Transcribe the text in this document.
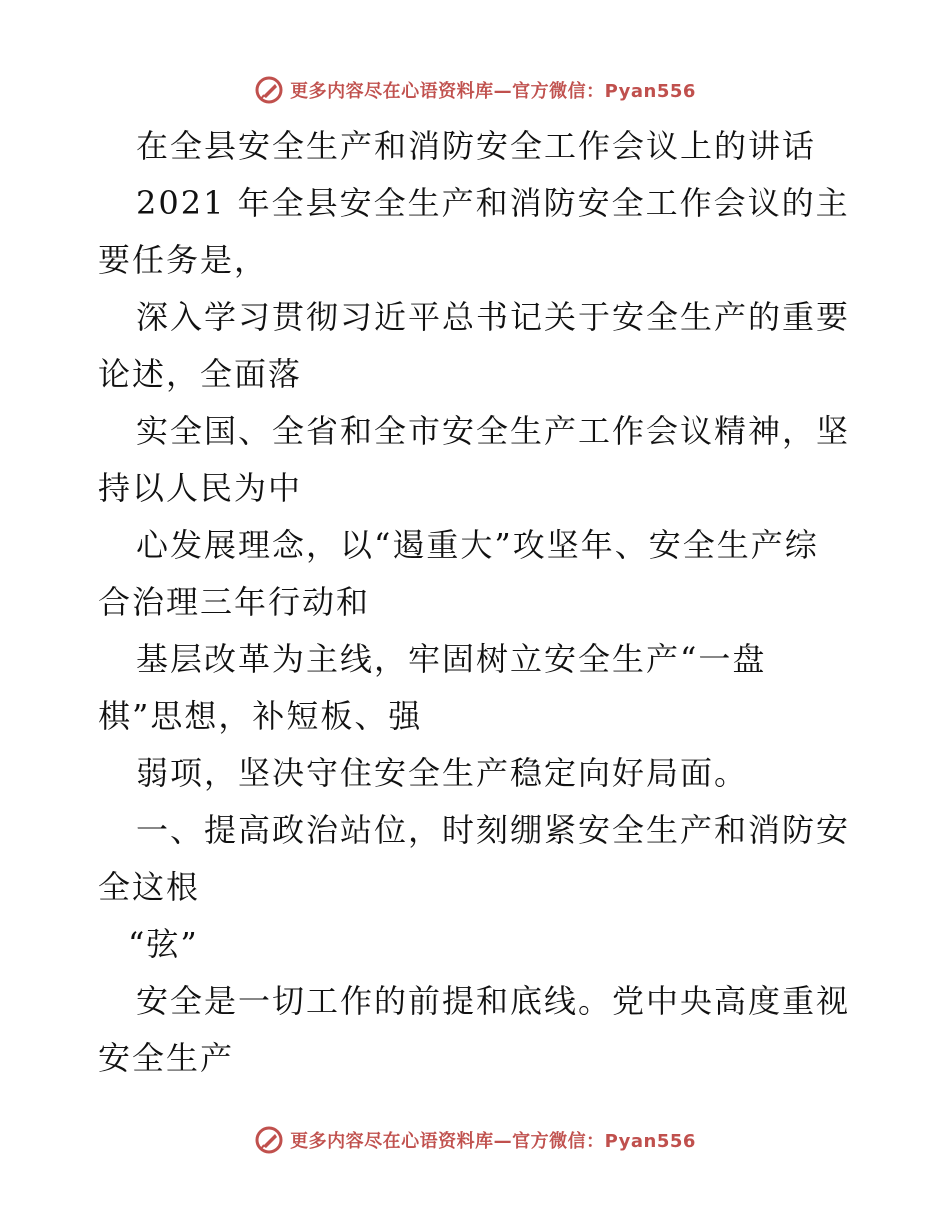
更多内容尽在心语资料库—官方微信：Pyan556
在全县安全生产和消防安全工作会议上的讲话
2021 年全县安全生产和消防安全工作会议的主
要任务是，
深入学习贯彻习近平总书记关于安全生产的重要
论述，全面落
实全国、全省和全市安全生产工作会议精神，坚
持以人民为中
心发展理念，以“遏重大”攻坚年、安全生产综
合治理三年行动和
基层改革为主线，牢固树立安全生产“一盘
棋”思想，补短板、强
弱项，坚决守住安全生产稳定向好局面。
一、提高政治站位，时刻绷紧安全生产和消防安
全这根
“弦”
安全是一切工作的前提和底线。党中央高度重视
安全生产
更多内容尽在心语资料库—官方微信：Pyan556
